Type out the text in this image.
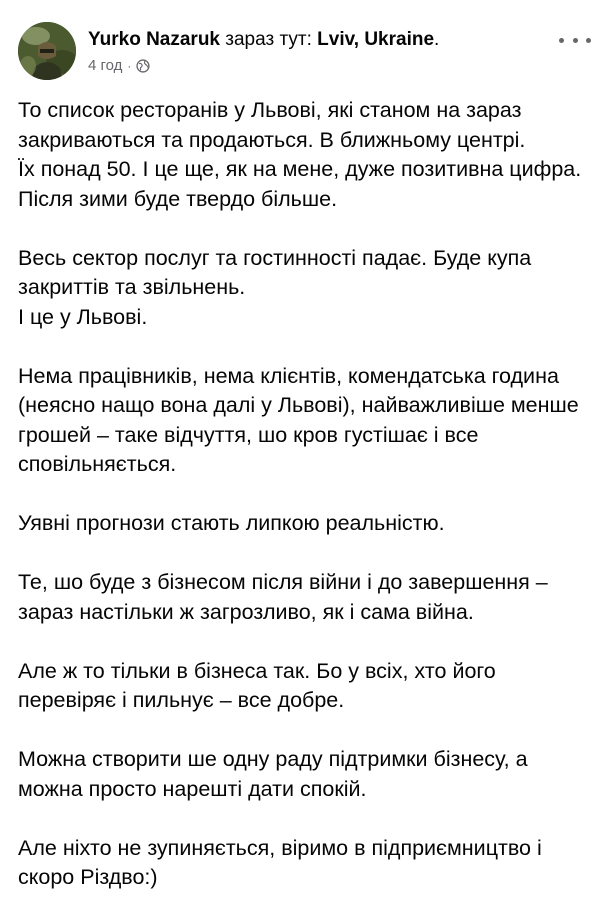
Yurko Nazaruk зараз тут: Lviv, Ukraine.
4 год ·

То список ресторанів у Львові, які станом на зараз
закриваються та продаються. В ближньому центрі.
Їх понад 50. І це ще, як на мене, дуже позитивна цифра.
Після зими буде твердо більше.

Весь сектор послуг та гостинності падає. Буде купа
закриттів та звільнень.
І це у Львові.

Нема працівників, нема клієнтів, комендатська година
(неясно нащо вона далі у Львові), найважливіше менше
грошей – таке відчуття, шо кров густішає і все
сповільняється.

Уявні прогнози стають липкою реальністю.

Те, шо буде з бізнесом після війни і до завершення –
зараз настільки ж загрозливо, як і сама війна.

Але ж то тільки в бізнеса так. Бо у всіх, хто його
перевіряє і пильнує – все добре.

Можна створити ше одну раду підтримки бізнесу, а
можна просто нарешті дати спокій.

Але ніхто не зупиняється, віримо в підприємництво і
скоро Різдво:)
